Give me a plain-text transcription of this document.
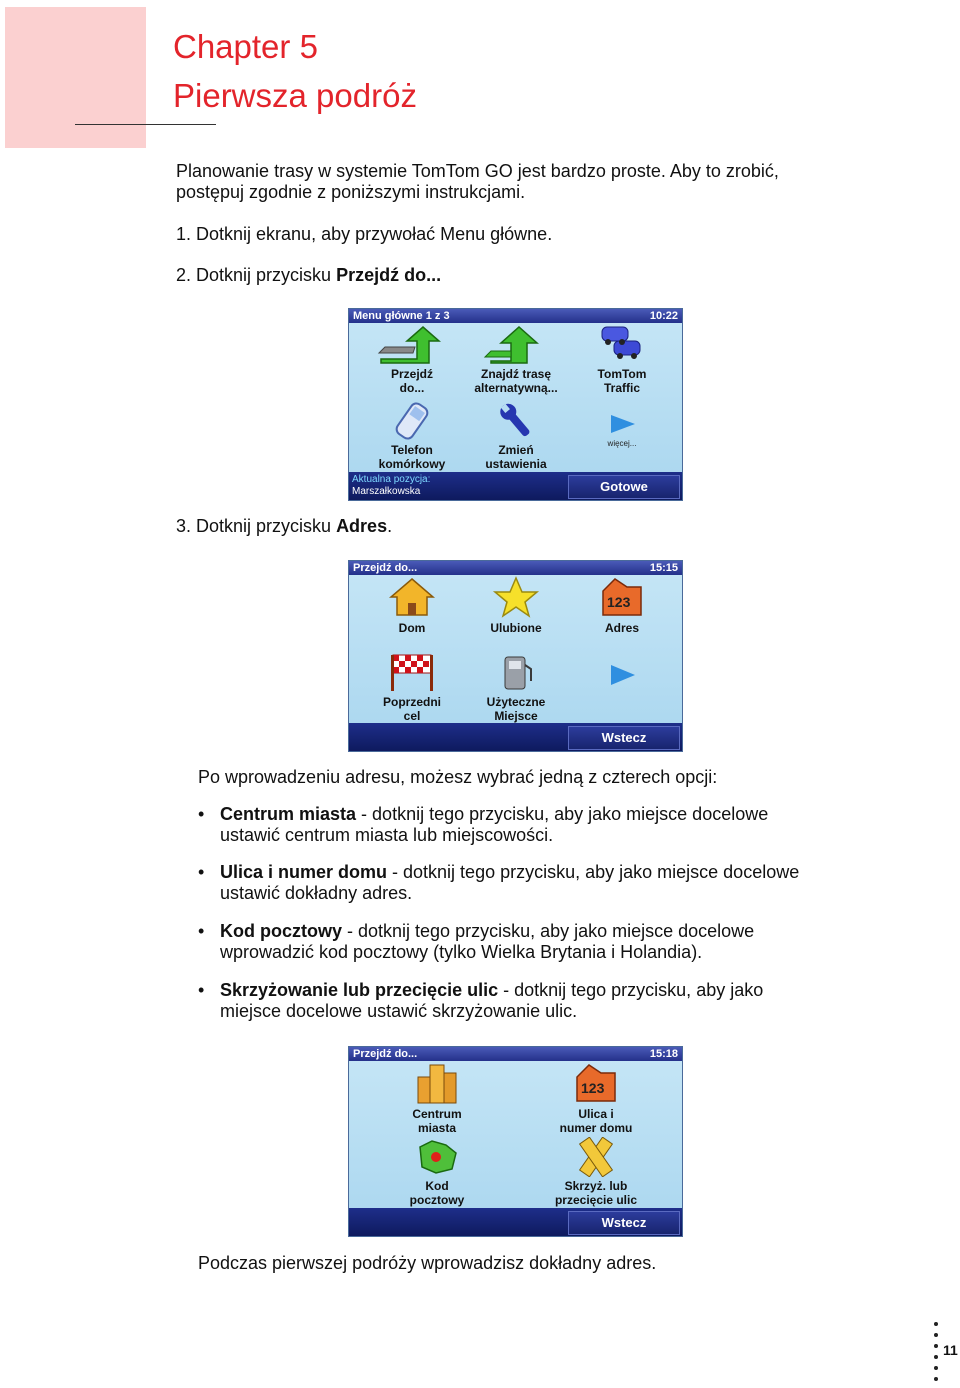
Chapter 5
Pierwsza podróż
Planowanie trasy w systemie TomTom GO jest bardzo proste. Aby to zrobić,
postępuj zgodnie z poniższymi instrukcjami.
1. Dotknij ekranu, aby przywołać Menu główne.
2. Dotknij przycisku Przejdź do...
Menu główne 1 z 3	10:22
Przejdź
do...
Znajdź trasę
alternatywną...
TomTom
Traffic
Telefon
komórkowy
Zmień
ustawienia
więcej...
Aktualna pozycja:
Marszałkowska	Gotowe
3. Dotknij przycisku Adres.
Przejdź do...	15:15
Dom	Ulubione
123
Adres
Poprzedni
cel
Użyteczne
Miejsce
Wstecz
Po wprowadzeniu adresu, możesz wybrać jedną z czterech opcji:
• Centrum miasta - dotknij tego przycisku, aby jako miejsce docelowe
ustawić centrum miasta lub miejscowości.
• Ulica i numer domu - dotknij tego przycisku, aby jako miejsce docelowe
ustawić dokładny adres.
• Kod pocztowy - dotknij tego przycisku, aby jako miejsce docelowe
wprowadzić kod pocztowy (tylko Wielka Brytania i Holandia).
• Skrzyżowanie lub przecięcie ulic - dotknij tego przycisku, aby jako
miejsce docelowe ustawić skrzyżowanie ulic.
Przejdź do...	15:18
Centrum
miasta
123
Ulica i
numer domu
Kod
pocztowy
Skrzyż. lub
przecięcie ulic
Wstecz
Podczas pierwszej podróży wprowadzisz dokładny adres.
11
